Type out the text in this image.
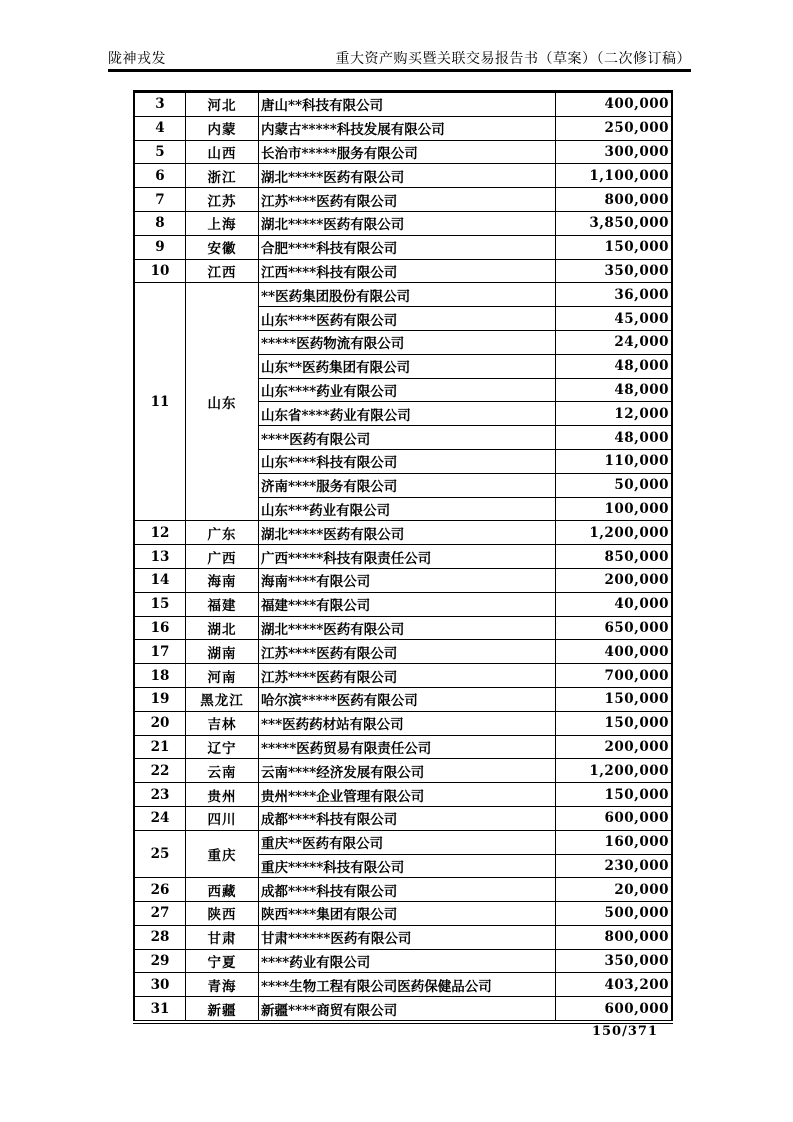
陇神戎发	重大资产购买暨关联交易报告书（草案）（二次修订稿）
3	河北	唐山**科技有限公司	400,000
4	内蒙	内蒙古*****科技发展有限公司	250,000
5	山西	长治市*****服务有限公司	300,000
6	浙江	湖北*****医药有限公司	1,100,000
7	江苏	江苏****医药有限公司	800,000
8	上海	湖北*****医药有限公司	3,850,000
9	安徽	合肥****科技有限公司	150,000
10	江西	江西****科技有限公司	350,000
11	山东	**医药集团股份有限公司	36,000
		山东****医药有限公司	45,000
		*****医药物流有限公司	24,000
		山东**医药集团有限公司	48,000
		山东****药业有限公司	48,000
		山东省****药业有限公司	12,000
		****医药有限公司	48,000
		山东****科技有限公司	110,000
		济南****服务有限公司	50,000
		山东***药业有限公司	100,000
12	广东	湖北*****医药有限公司	1,200,000
13	广西	广西*****科技有限责任公司	850,000
14	海南	海南****有限公司	200,000
15	福建	福建****有限公司	40,000
16	湖北	湖北*****医药有限公司	650,000
17	湖南	江苏****医药有限公司	400,000
18	河南	江苏****医药有限公司	700,000
19	黑龙江	哈尔滨*****医药有限公司	150,000
20	吉林	***医药药材站有限公司	150,000
21	辽宁	*****医药贸易有限责任公司	200,000
22	云南	云南****经济发展有限公司	1,200,000
23	贵州	贵州****企业管理有限公司	150,000
24	四川	成都****科技有限公司	600,000
25	重庆	重庆**医药有限公司	160,000
		重庆*****科技有限公司	230,000
26	西藏	成都****科技有限公司	20,000
27	陕西	陕西****集团有限公司	500,000
28	甘肃	甘肃******医药有限公司	800,000
29	宁夏	****药业有限公司	350,000
30	青海	****生物工程有限公司医药保健品公司	403,200
31	新疆	新疆****商贸有限公司	600,000
150/371
